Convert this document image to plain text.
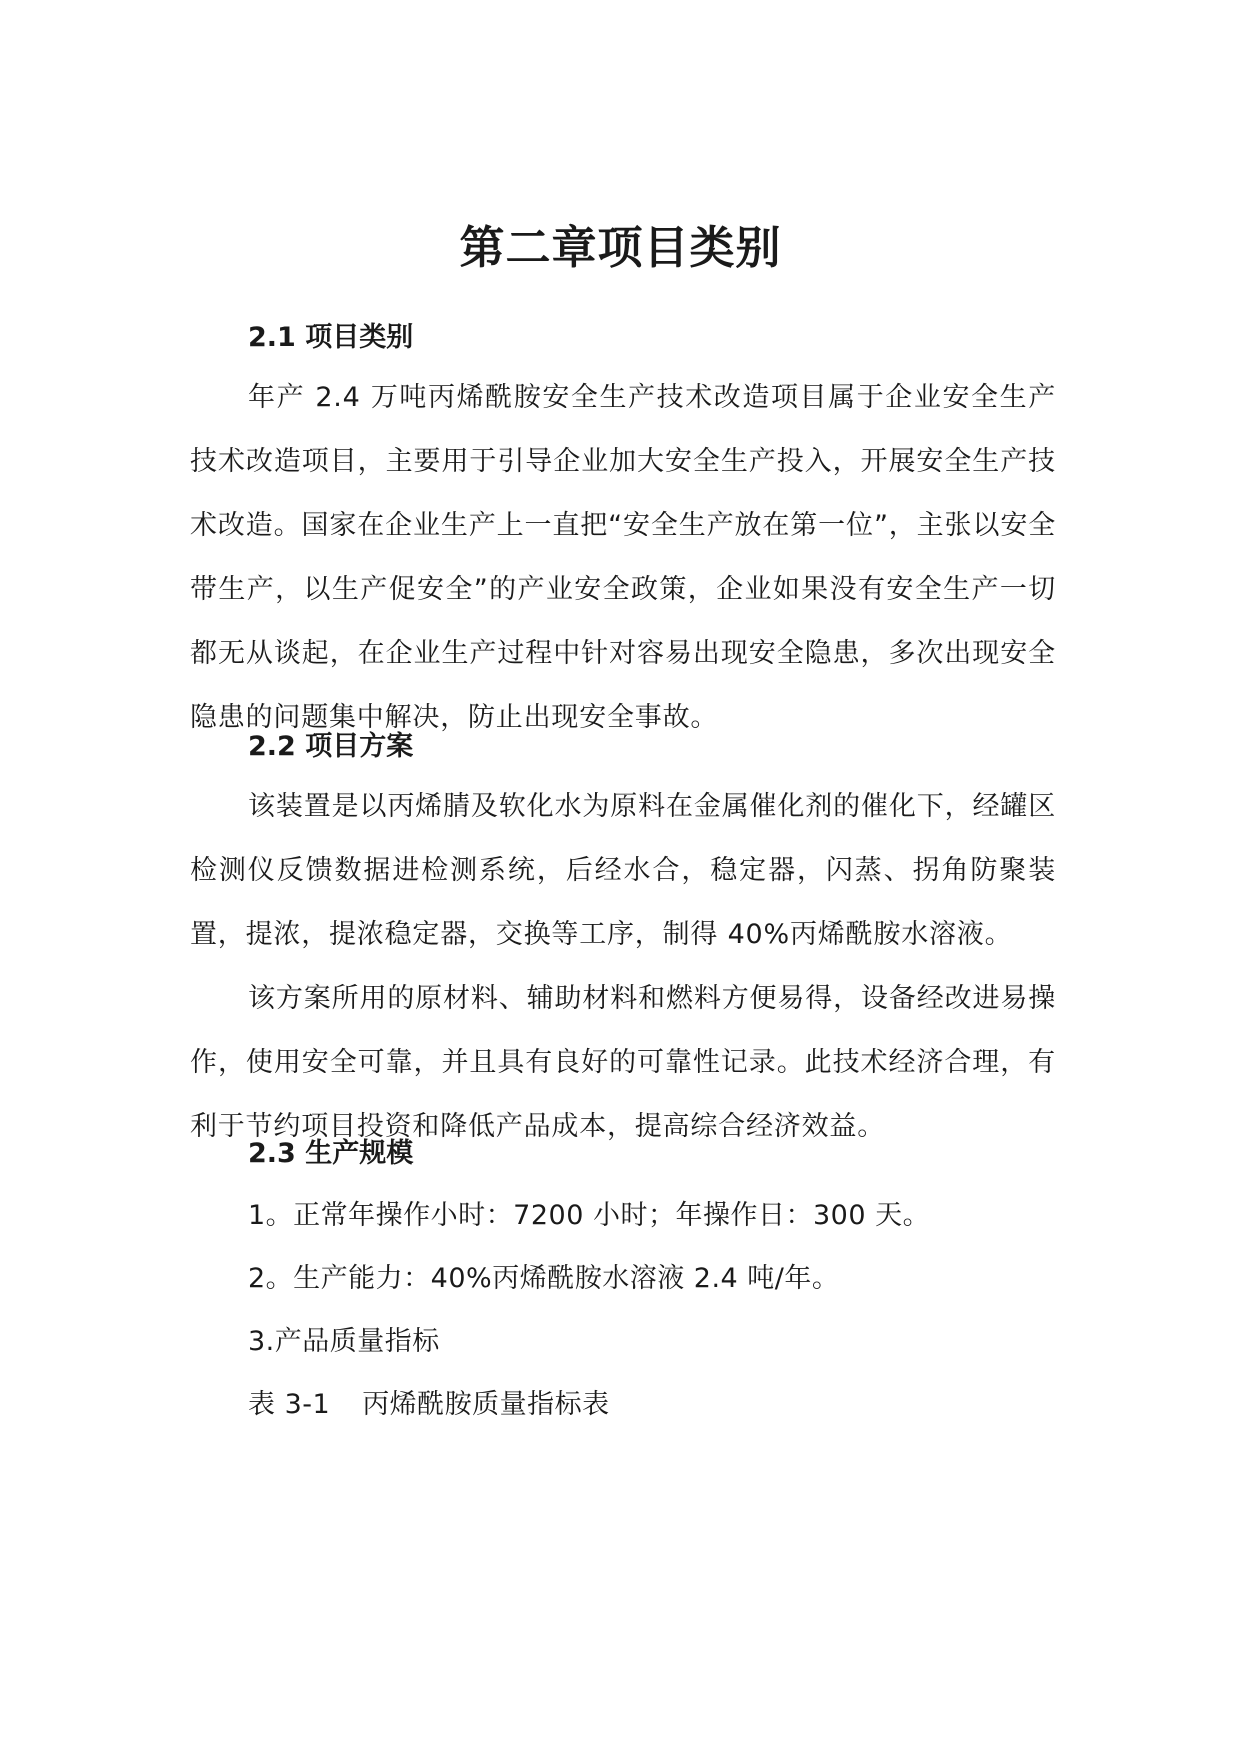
第二章项目类别
2.1 项目类别

年产 2.4 万吨丙烯酰胺安全生产技术改造项目属于企业安全生产技术改造项目，主要用于引导企业加大安全生产投入，开展安全生产技术改造。国家在企业生产上一直把“安全生产放在第一位”，主张以安全带生产，以生产促安全”的产业安全政策，企业如果没有安全生产一切都无从谈起，在企业生产过程中针对容易出现安全隐患，多次出现安全隐患的问题集中解决，防止出现安全事故。

2.2 项目方案

该装置是以丙烯腈及软化水为原料在金属催化剂的催化下，经罐区检测仪反馈数据进检测系统，后经水合，稳定器，闪蒸、拐角防聚装置，提浓，提浓稳定器，交换等工序，制得 40%丙烯酰胺水溶液。

该方案所用的原材料、辅助材料和燃料方便易得，设备经改进易操作，使用安全可靠，并且具有良好的可靠性记录。此技术经济合理，有利于节约项目投资和降低产品成本，提高综合经济效益。

2.3 生产规模
1。正常年操作小时：7200 小时；年操作日：300 天。
2。生产能力：40%丙烯酰胺水溶液 2.4 吨/年。
3.产品质量指标
表 3-1 丙烯酰胺质量指标表
